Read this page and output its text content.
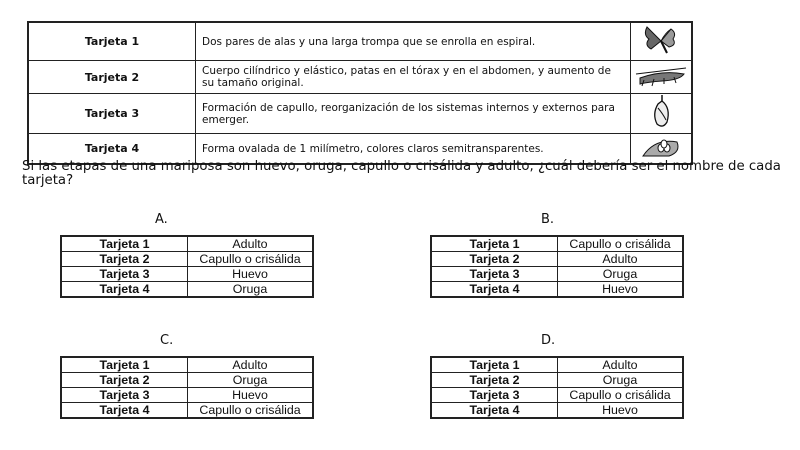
Tarjeta 1	Dos pares de alas y una larga trompa que se enrolla en espiral.	
Tarjeta 2	Cuerpo cilíndrico y elástico, patas en el tórax y en el abdomen, y aumento de su tamaño original.	
Tarjeta 3	Formación de capullo, reorganización de los sistemas internos y externos para emerger.	
Tarjeta 4	Forma ovalada de 1 milímetro, colores claros semitransparentes.	

Si las etapas de una mariposa son huevo, oruga, capullo o crisálida y adulto, ¿cuál debería ser el nombre de cada tarjeta?

A.
Tarjeta 1	Adulto
Tarjeta 2	Capullo o crisálida
Tarjeta 3	Huevo
Tarjeta 4	Oruga
B.
Tarjeta 1	Capullo o crisálida
Tarjeta 2	Adulto
Tarjeta 3	Oruga
Tarjeta 4	Huevo
C.
Tarjeta 1	Adulto
Tarjeta 2	Oruga
Tarjeta 3	Huevo
Tarjeta 4	Capullo o crisálida
D.
Tarjeta 1	Adulto
Tarjeta 2	Oruga
Tarjeta 3	Capullo o crisálida
Tarjeta 4	Huevo
